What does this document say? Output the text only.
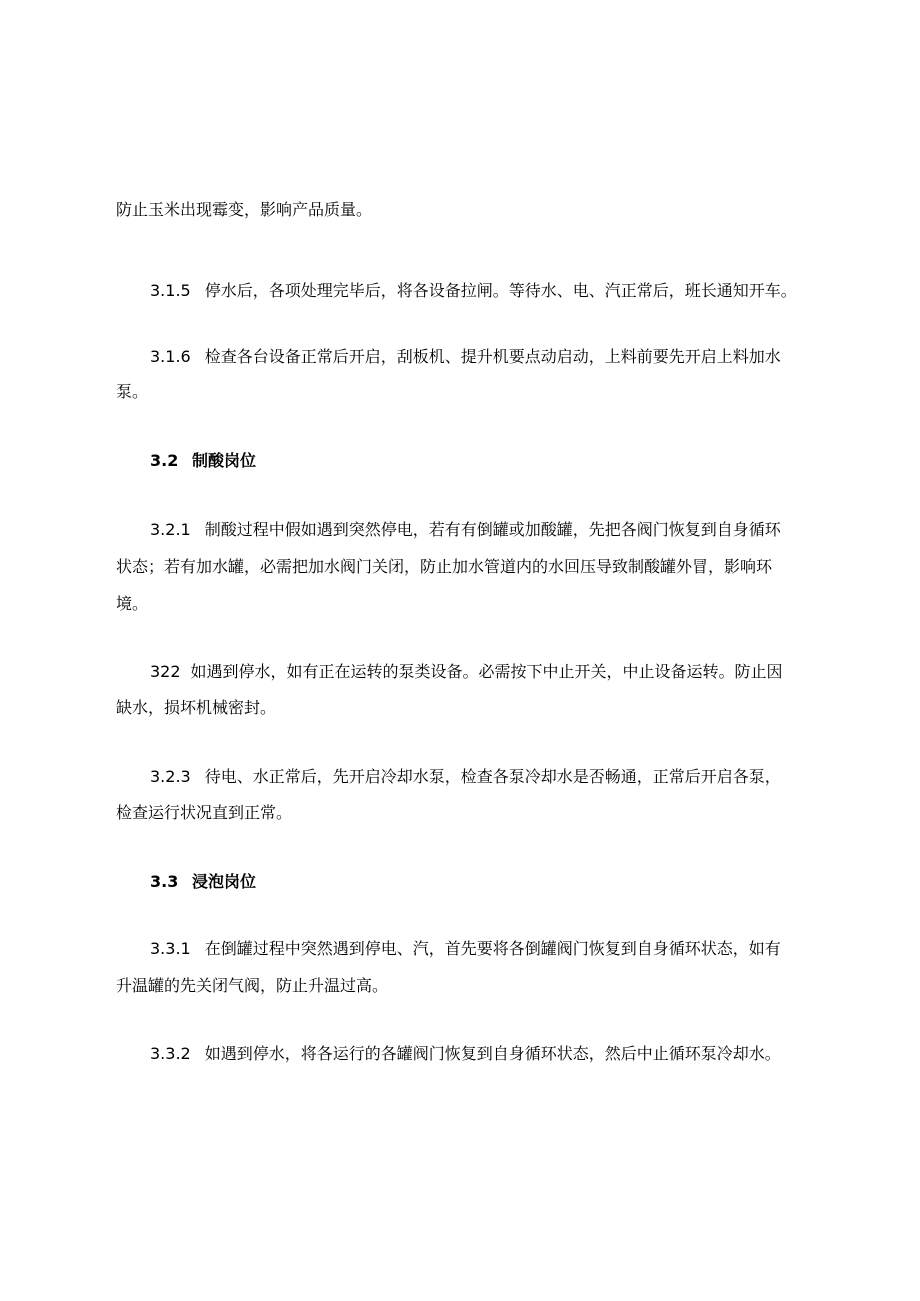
防止玉米出现霉变，影响产品质量。
3.1.5 停水后，各项处理完毕后，将各设备拉闸。等待水、电、汽正常后，班长通知开车。
3.1.6 检查各台设备正常后开启，刮板机、提升机要点动启动，上料前要先开启上料加水
泵。
3.2 制酸岗位
3.2.1 制酸过程中假如遇到突然停电，若有有倒罐或加酸罐，先把各阀门恢复到自身循环
状态；若有加水罐，必需把加水阀门关闭，防止加水管道内的水回压导致制酸罐外冒，影响环
境。
322 如遇到停水，如有正在运转的泵类设备。必需按下中止开关，中止设备运转。防止因
缺水，损坏机械密封。
3.2.3 待电、水正常后，先开启冷却水泵，检查各泵冷却水是否畅通，正常后开启各泵，
检查运行状况直到正常。
3.3 浸泡岗位
3.3.1 在倒罐过程中突然遇到停电、汽，首先要将各倒罐阀门恢复到自身循环状态，如有
升温罐的先关闭气阀，防止升温过高。
3.3.2 如遇到停水，将各运行的各罐阀门恢复到自身循环状态，然后中止循环泵冷却水。
